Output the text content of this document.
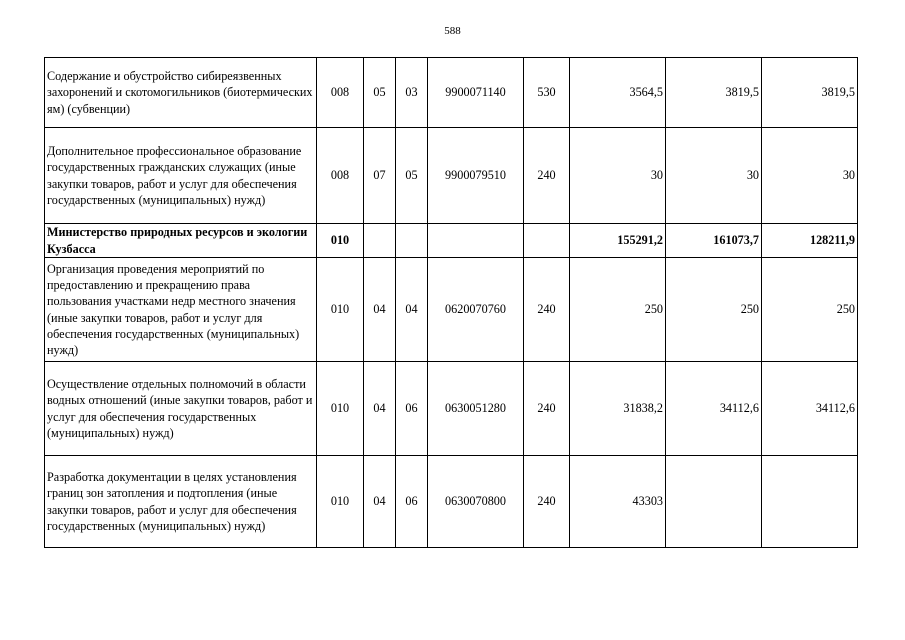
588
Содержание и обустройство сибиреязвенных захоронений и скотомогильников (биотермических ям) (субвенции)	008	05	03	9900071140	530	3564,5	3819,5	3819,5
Дополнительное профессиональное образование государственных гражданских служащих (иные закупки товаров, работ и услуг для обеспечения государственных (муниципальных) нужд)	008	07	05	9900079510	240	30	30	30
Министерство природных ресурсов и экологии Кузбасса	010					155291,2	161073,7	128211,9
Организация проведения мероприятий по предоставлению и прекращению права пользования участками недр местного значения (иные закупки товаров, работ и услуг для обеспечения государственных (муниципальных) нужд)	010	04	04	0620070760	240	250	250	250
Осуществление отдельных полномочий в области водных отношений (иные закупки товаров, работ и услуг для обеспечения государственных (муниципальных) нужд)	010	04	06	0630051280	240	31838,2	34112,6	34112,6
Разработка документации в целях установления границ зон затопления и подтопления (иные закупки товаров, работ и услуг для обеспечения государственных (муниципальных) нужд)	010	04	06	0630070800	240	43303		
